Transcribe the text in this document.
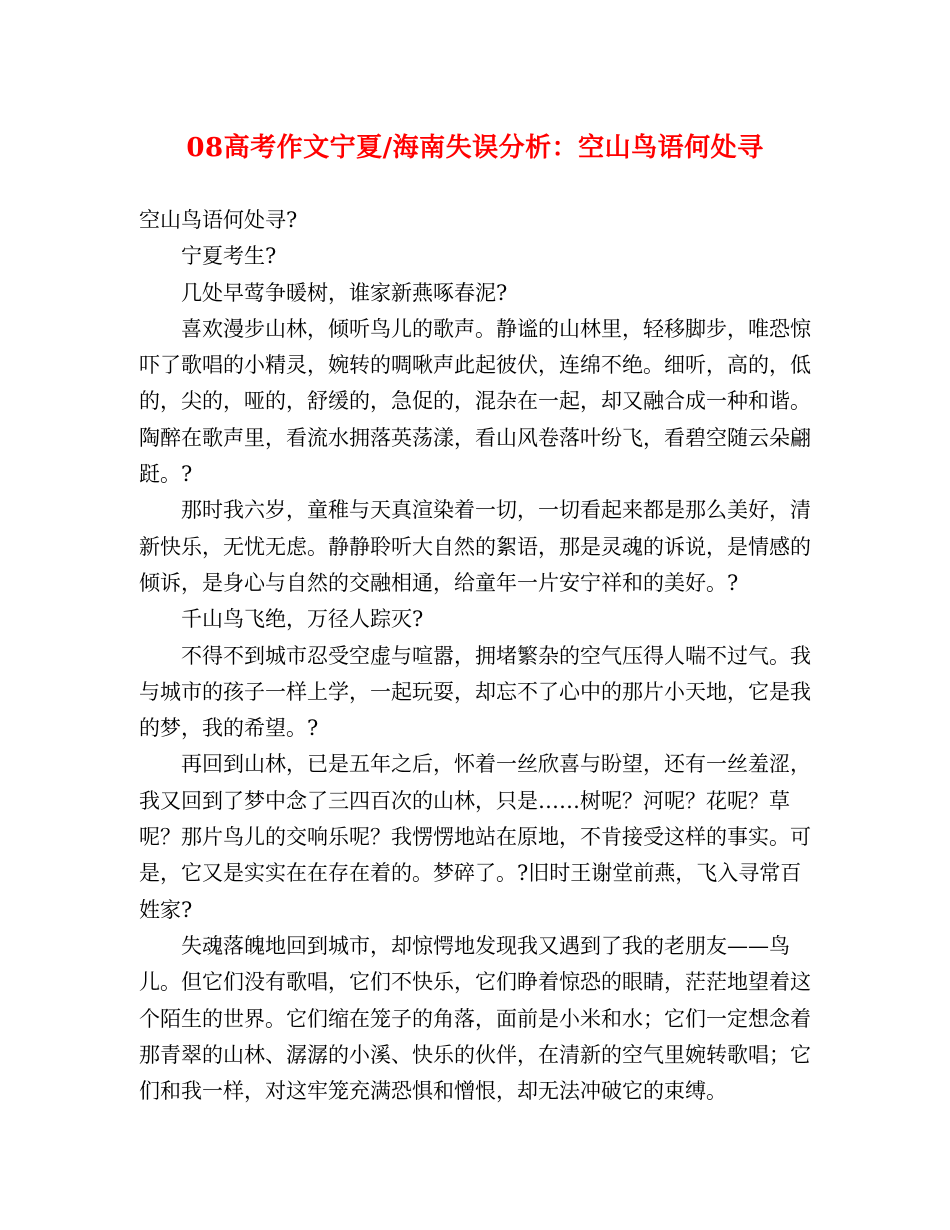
08高考作文宁夏/海南失误分析：空山鸟语何处寻

空山鸟语何处寻?

宁夏考生?

几处早莺争暖树，谁家新燕啄春泥?

喜欢漫步山林，倾听鸟儿的歌声。静谧的山林里，轻移脚步，唯恐惊吓了歌唱的小精灵，婉转的啁啾声此起彼伏，连绵不绝。细听，高的，低的，尖的，哑的，舒缓的，急促的，混杂在一起，却又融合成一种和谐。陶醉在歌声里，看流水拥落英荡漾，看山风卷落叶纷飞，看碧空随云朵翩跹。?

那时我六岁，童稚与天真渲染着一切，一切看起来都是那么美好，清新快乐，无忧无虑。静静聆听大自然的絮语，那是灵魂的诉说，是情感的倾诉，是身心与自然的交融相通，给童年一片安宁祥和的美好。?

千山鸟飞绝，万径人踪灭?

不得不到城市忍受空虚与喧嚣，拥堵繁杂的空气压得人喘不过气。我与城市的孩子一样上学，一起玩耍，却忘不了心中的那片小天地，它是我的梦，我的希望。?

再回到山林，已是五年之后，怀着一丝欣喜与盼望，还有一丝羞涩，我又回到了梦中念了三四百次的山林，只是……树呢？河呢？花呢？草呢？那片鸟儿的交响乐呢？我愣愣地站在原地，不肯接受这样的事实。可是，它又是实实在在存在着的。梦碎了。?旧时王谢堂前燕，飞入寻常百姓家?

失魂落魄地回到城市，却惊愕地发现我又遇到了我的老朋友——鸟儿。但它们没有歌唱，它们不快乐，它们睁着惊恐的眼睛，茫茫地望着这个陌生的世界。它们缩在笼子的角落，面前是小米和水；它们一定想念着那青翠的山林、潺潺的小溪、快乐的伙伴，在清新的空气里婉转歌唱；它们和我一样，对这牢笼充满恐惧和憎恨，却无法冲破它的束缚。
